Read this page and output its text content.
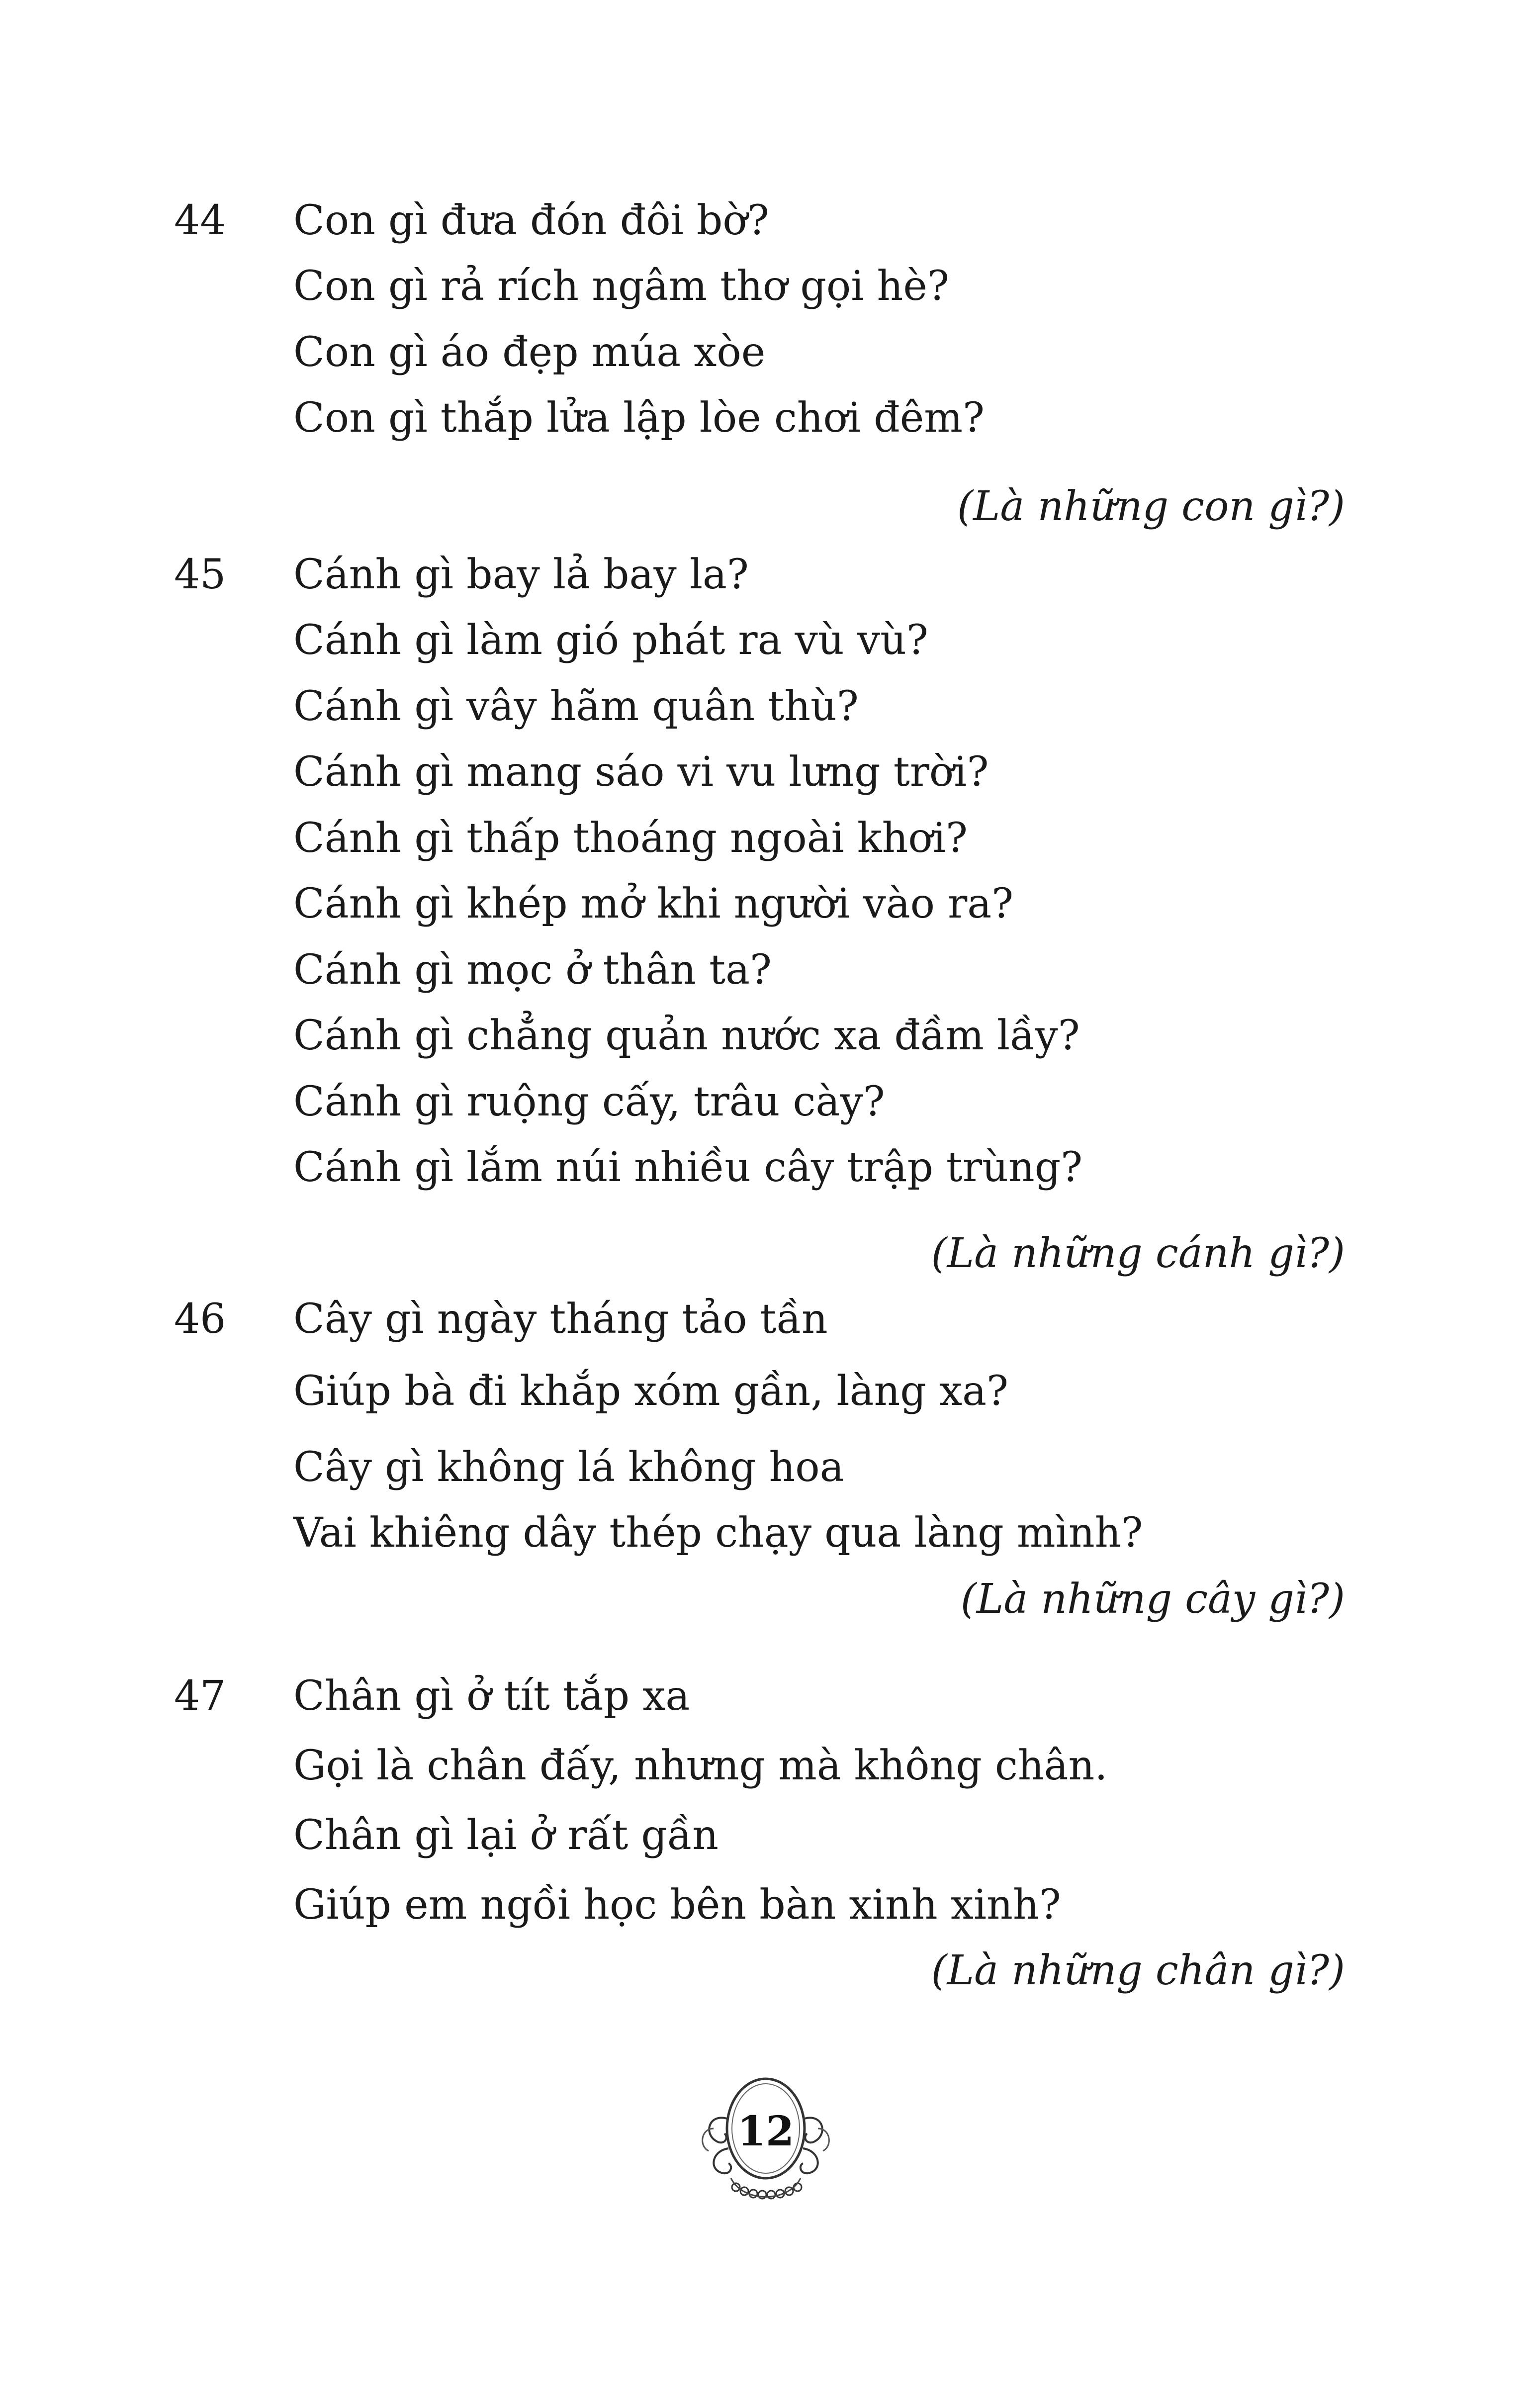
44 Con gì đưa đón đôi bờ?
Con gì rả rích ngâm thơ gọi hè?
Con gì áo đẹp múa xòe
Con gì thắp lửa lập lòe chơi đêm?
(Là những con gì?)
45 Cánh gì bay lả bay la?
Cánh gì làm gió phát ra vù vù?
Cánh gì vây hãm quân thù?
Cánh gì mang sáo vi vu lưng trời?
Cánh gì thấp thoáng ngoài khơi?
Cánh gì khép mở khi người vào ra?
Cánh gì mọc ở thân ta?
Cánh gì chẳng quản nước xa đầm lầy?
Cánh gì ruộng cấy, trâu cày?
Cánh gì lắm núi nhiều cây trập trùng?
(Là những cánh gì?)
46 Cây gì ngày tháng tảo tần
Giúp bà đi khắp xóm gần, làng xa?
Cây gì không lá không hoa
Vai khiêng dây thép chạy qua làng mình?
(Là những cây gì?)
47 Chân gì ở tít tắp xa
Gọi là chân đấy, nhưng mà không chân.
Chân gì lại ở rất gần
Giúp em ngồi học bên bàn xinh xinh?
(Là những chân gì?)
12
